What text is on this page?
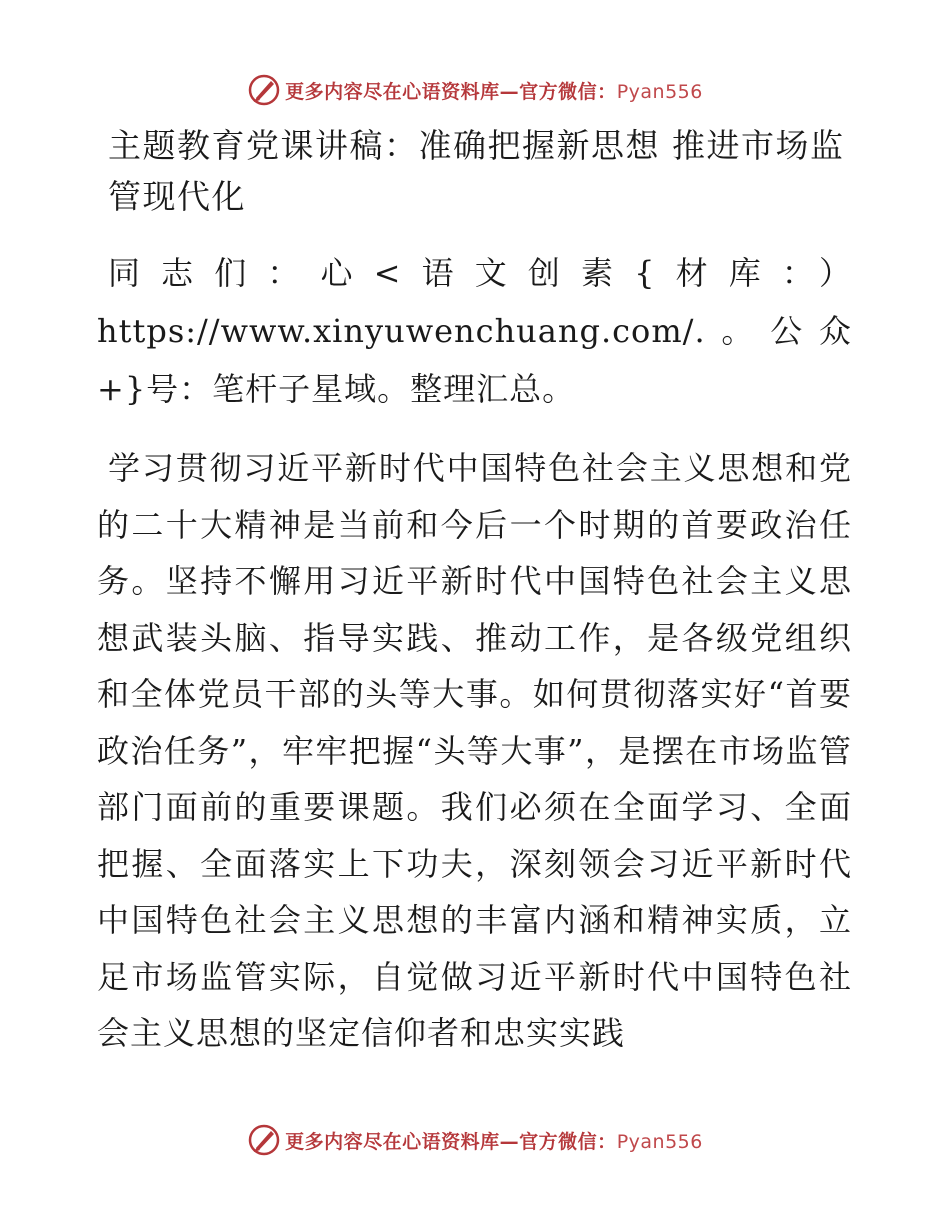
更多内容尽在心语资料库—官方微信：Pyan556
主题教育党课讲稿：准确把握新思想 推进市场监管现代化

同志们：心<语文创素{材库：）https://www.xinyuwenchuang.com/.。公众+}号：笔杆子星域。整理汇总。

学习贯彻习近平新时代中国特色社会主义思想和党的二十大精神是当前和今后一个时期的首要政治任务。坚持不懈用习近平新时代中国特色社会主义思想武装头脑、指导实践、推动工作，是各级党组织和全体党员干部的头等大事。如何贯彻落实好“首要政治任务”，牢牢把握“头等大事”，是摆在市场监管部门面前的重要课题。我们必须在全面学习、全面把握、全面落实上下功夫，深刻领会习近平新时代中国特色社会主义思想的丰富内涵和精神实质，立足市场监管实际，自觉做习近平新时代中国特色社会主义思想的坚定信仰者和忠实实践

更多内容尽在心语资料库—官方微信：Pyan556
